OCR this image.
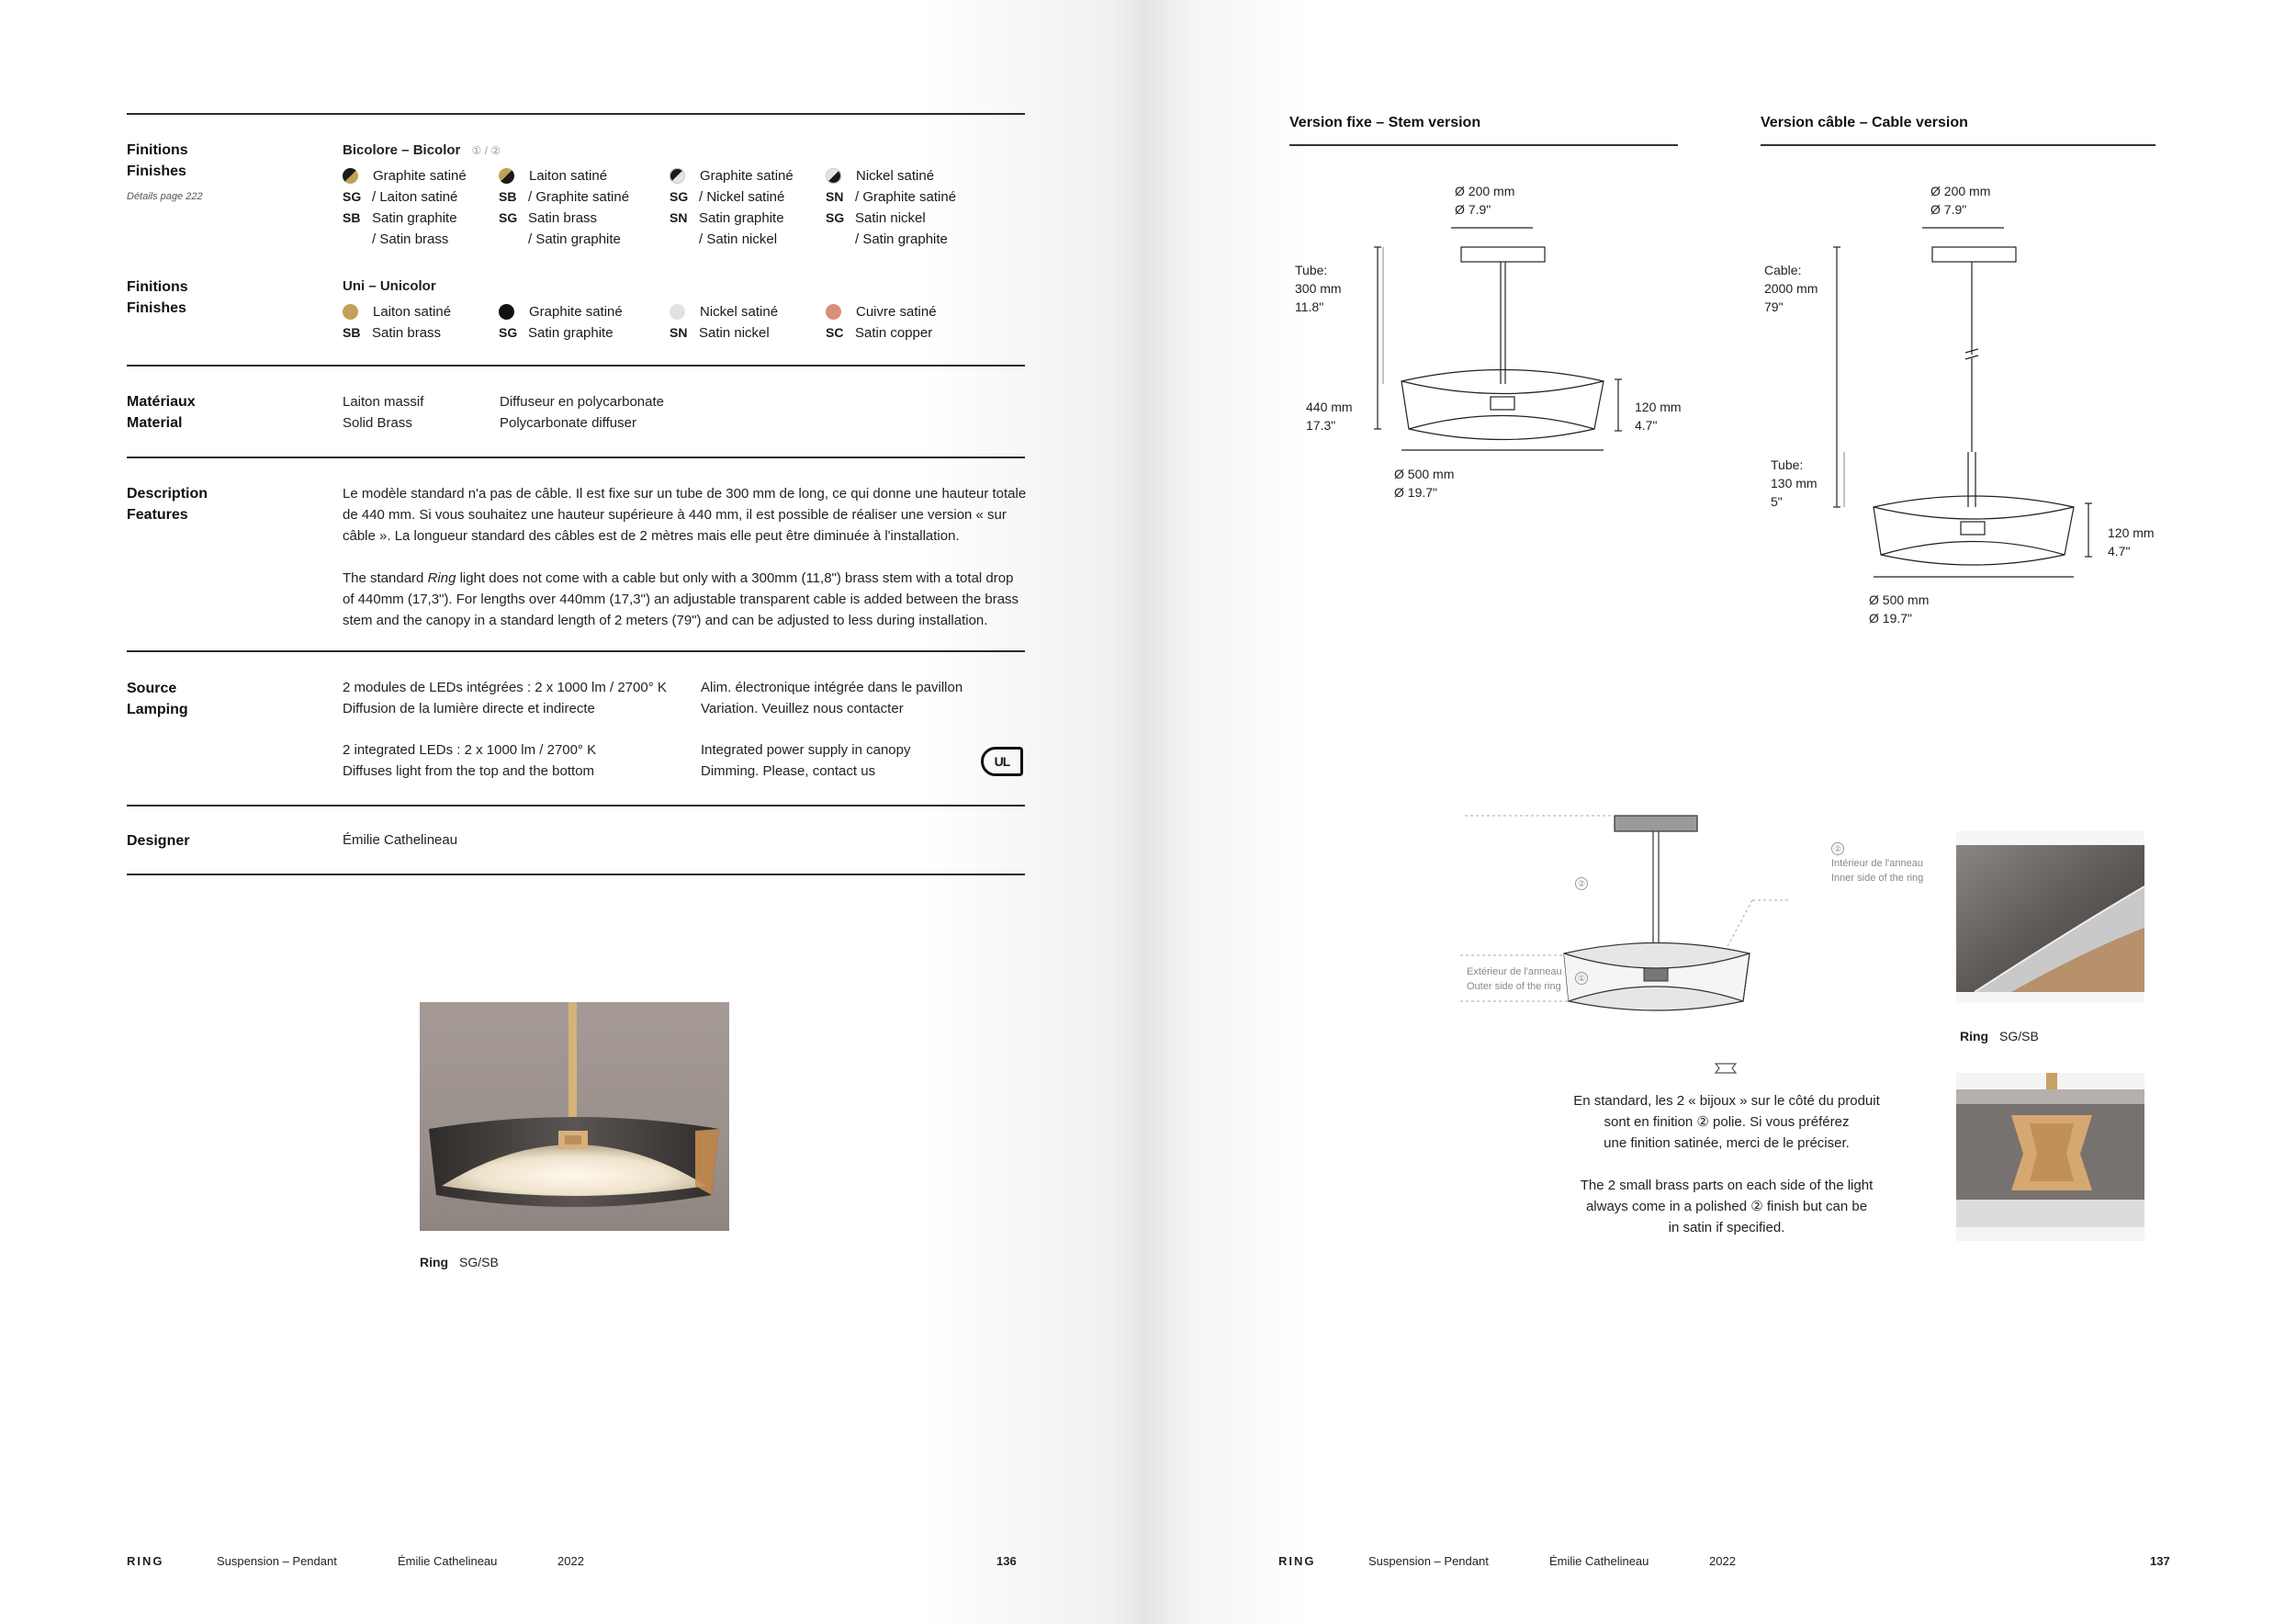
Finitions
Finishes
Détails page 222
Bicolore – Bicolor ① / ②
Graphite satiné
SG / Laiton satiné
SB Satin graphite
/ Satin brass
Laiton satiné
SB / Graphite satiné
SG Satin brass
/ Satin graphite
Graphite satiné
SG / Nickel satiné
SN Satin graphite
/ Satin nickel
Nickel satiné
SN / Graphite satiné
SG Satin nickel
/ Satin graphite
Finitions
Finishes
Uni – Unicolor
Laiton satiné
SB Satin brass
Graphite satiné
SG Satin graphite
Nickel satiné
SN Satin nickel
Cuivre satiné
SC Satin copper
Matériaux
Material
Laiton massif
Solid Brass
Diffuseur en polycarbonate
Polycarbonate diffuser
Description
Features
Le modèle standard n'a pas de câble. Il est fixe sur un tube de 300 mm de long, ce qui donne une hauteur totale
de 440 mm. Si vous souhaitez une hauteur supérieure à 440 mm, il est possible de réaliser une version « sur
câble ». La longueur standard des câbles est de 2 mètres mais elle peut être diminuée à l'installation.
The standard Ring light does not come with a cable but only with a 300mm (11,8") brass stem with a total drop
of 440mm (17,3"). For lengths over 440mm (17,3") an adjustable transparent cable is added between the brass
stem and the canopy in a standard length of 2 meters (79") and can be adjusted to less during installation.
Source
Lamping
2 modules de LEDs intégrées : 2 x 1000 lm / 2700° K
Diffusion de la lumière directe et indirecte
2 integrated LEDs : 2 x 1000 lm / 2700° K
Diffuses light from the top and the bottom
Alim. électronique intégrée dans le pavillon
Variation. Veuillez nous contacter
Integrated power supply in canopy
Dimming. Please, contact us
UL
Designer	Émilie Cathelineau
Ring SG/SB
RING	Suspension – Pendant	Émilie Cathelineau	2022	136
Version fixe – Stem version
Ø 200 mm
Ø 7.9"
Tube:
300 mm
11.8"
440 mm
17.3"
120 mm
4.7"
Ø 500 mm
Ø 19.7"
Version câble – Cable version
Ø 200 mm
Ø 7.9"
Cable:
2000 mm
79"
Tube:
130 mm
5"
120 mm
4.7"
Ø 500 mm
Ø 19.7"
②
②
Intérieur de l'anneau
Inner side of the ring
Extérieur de l'anneau
Outer side of the ring
①
En standard, les 2 « bijoux » sur le côté du produit
sont en finition ② polie. Si vous préférez
une finition satinée, merci de le préciser.
The 2 small brass parts on each side of the light
always come in a polished ② finish but can be
in satin if specified.
Ring SG/SB
RING	Suspension – Pendant	Émilie Cathelineau	2022	137
